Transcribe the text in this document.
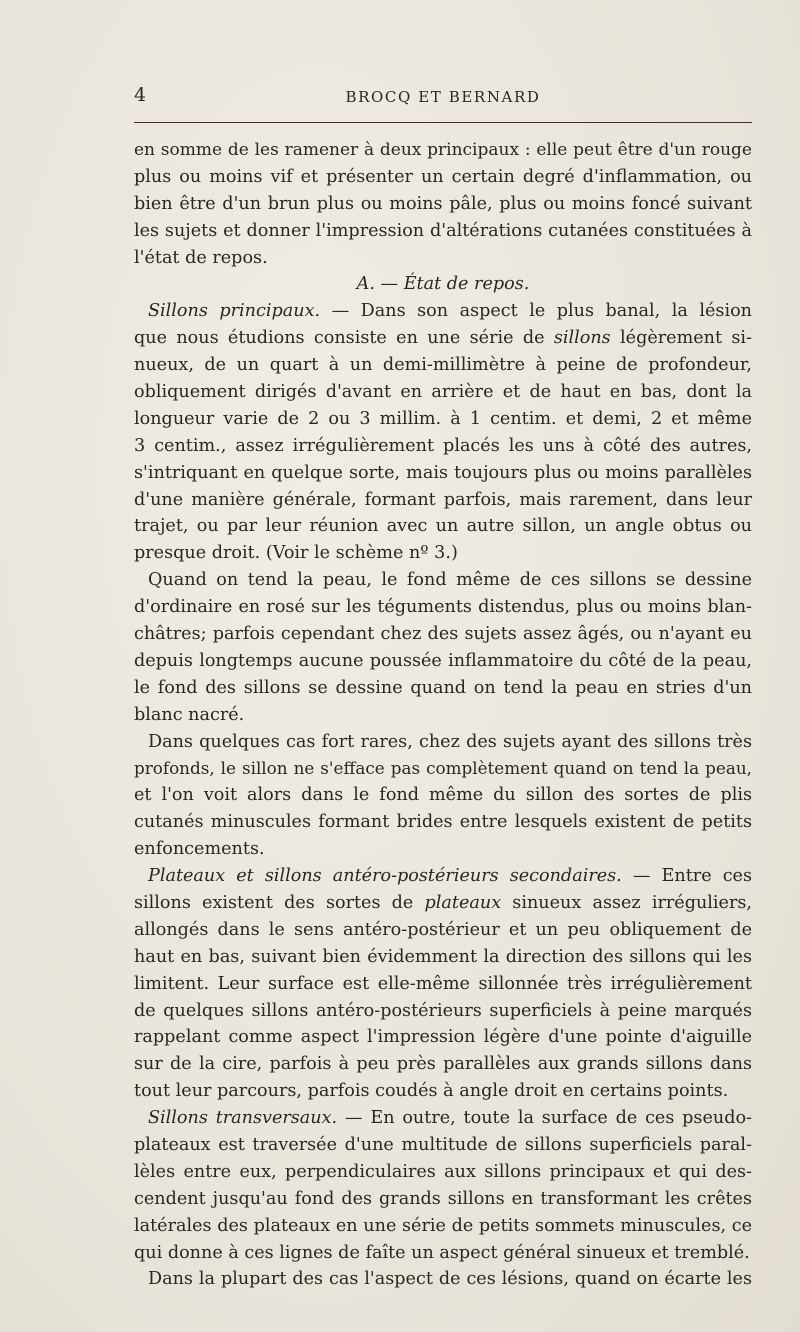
4	BROCQ ET BERNARD
en somme de les ramener à deux principaux : elle peut être d'un rouge
plus ou moins vif et présenter un certain degré d'inflammation, ou
bien être d'un brun plus ou moins pâle, plus ou moins foncé suivant
les sujets et donner l'impression d'altérations cutanées constituées à
l'état de repos.
A. — État de repos.
Sillons principaux. — Dans son aspect le plus banal, la lésion
que nous étudions consiste en une série de sillons légèrement si-
nueux, de un quart à un demi-millimètre à peine de profondeur,
obliquement dirigés d'avant en arrière et de haut en bas, dont la
longueur varie de 2 ou 3 millim. à 1 centim. et demi, 2 et même
3 centim., assez irrégulièrement placés les uns à côté des autres,
s'intriquant en quelque sorte, mais toujours plus ou moins parallèles
d'une manière générale, formant parfois, mais rarement, dans leur
trajet, ou par leur réunion avec un autre sillon, un angle obtus ou
presque droit. (Voir le schème nº 3.)
Quand on tend la peau, le fond même de ces sillons se dessine
d'ordinaire en rosé sur les téguments distendus, plus ou moins blan-
châtres; parfois cependant chez des sujets assez âgés, ou n'ayant eu
depuis longtemps aucune poussée inflammatoire du côté de la peau,
le fond des sillons se dessine quand on tend la peau en stries d'un
blanc nacré.
Dans quelques cas fort rares, chez des sujets ayant des sillons très
profonds, le sillon ne s'efface pas complètement quand on tend la peau,
et l'on voit alors dans le fond même du sillon des sortes de plis
cutanés minuscules formant brides entre lesquels existent de petits
enfoncements.
Plateaux et sillons antéro-postérieurs secondaires. — Entre ces
sillons existent des sortes de plateaux sinueux assez irréguliers,
allongés dans le sens antéro-postérieur et un peu obliquement de
haut en bas, suivant bien évidemment la direction des sillons qui les
limitent. Leur surface est elle-même sillonnée très irrégulièrement
de quelques sillons antéro-postérieurs superficiels à peine marqués
rappelant comme aspect l'impression légère d'une pointe d'aiguille
sur de la cire, parfois à peu près parallèles aux grands sillons dans
tout leur parcours, parfois coudés à angle droit en certains points.
Sillons transversaux. — En outre, toute la surface de ces pseudo-
plateaux est traversée d'une multitude de sillons superficiels paral-
lèles entre eux, perpendiculaires aux sillons principaux et qui des-
cendent jusqu'au fond des grands sillons en transformant les crêtes
latérales des plateaux en une série de petits sommets minuscules, ce
qui donne à ces lignes de faîte un aspect général sinueux et tremblé.
Dans la plupart des cas l'aspect de ces lésions, quand on écarte les
